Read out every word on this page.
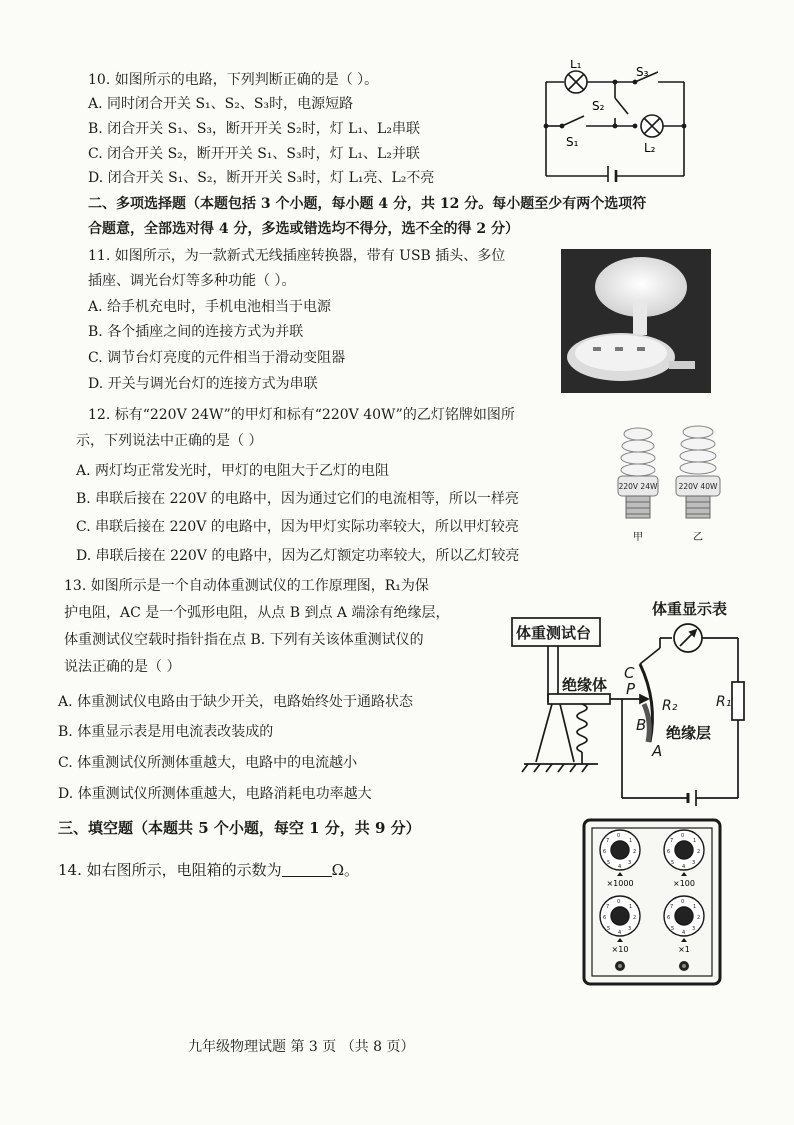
10. 如图所示的电路，下列判断正确的是（ ）。
A. 同时闭合开关 S₁、S₂、S₃时，电源短路
B. 闭合开关 S₁、S₃，断开开关 S₂时，灯 L₁、L₂串联
C. 闭合开关 S₂，断开开关 S₁、S₃时，灯 L₁、L₂并联
D. 闭合开关 S₁、S₂，断开开关 S₃时，灯 L₁亮、L₂不亮
L₁
S₃
S₂
S₁	L₂
二、多项选择题（本题包括 3 个小题，每小题 4 分，共 12 分。每小题至少有两个选项符
合题意，全部选对得 4 分，多选或错选均不得分，选不全的得 2 分）
11. 如图所示，为一款新式无线插座转换器，带有 USB 插头、多位
插座、调光台灯等多种功能（ ）。
A. 给手机充电时，手机电池相当于电源
B. 各个插座之间的连接方式为并联
C. 调节台灯亮度的元件相当于滑动变阻器
D. 开关与调光台灯的连接方式为串联
12. 标有“220V 24W”的甲灯和标有“220V 40W”的乙灯铭牌如图所
示，下列说法中正确的是（ ）
A. 两灯均正常发光时，甲灯的电阻大于乙灯的电阻
B. 串联后接在 220V 的电路中，因为通过它们的电流相等，所以一样亮
C. 串联后接在 220V 的电路中，因为甲灯实际功率较大，所以甲灯较亮
D. 串联后接在 220V 的电路中，因为乙灯额定功率较大，所以乙灯较亮
220V 24W	220V 40W
甲	乙
13. 如图所示是一个自动体重测试仪的工作原理图，R₁为保
护电阻，AC 是一个弧形电阻，从点 B 到点 A 端涂有绝缘层，
体重测试仪空载时指针指在点 B. 下列有关该体重测试仪的
说法正确的是（ ）
A. 体重测试仪电路由于缺少开关，电路始终处于通路状态
B. 体重显示表是用电流表改装成的
C. 体重测试仪所测体重越大，电路中的电流越小
D. 体重测试仪所测体重越大，电路消耗电功率越大
体重测试台
体重显示表
绝缘体
绝缘层
C
P
B
A
R₂	R₁
三、填空题（本题共 5 个小题，每空 1 分，共 9 分）
14. 如右图所示，电阻箱的示数为	Ω。
0
1
2
3
4
5
6
7
0
1
2
3
4
5
6
7
0
1
2
3
4
5
6
7
0
1
2
3
4
5
6
7
×1000	×100
×10	×1
九年级物理试题 第 3 页 （共 8 页）
